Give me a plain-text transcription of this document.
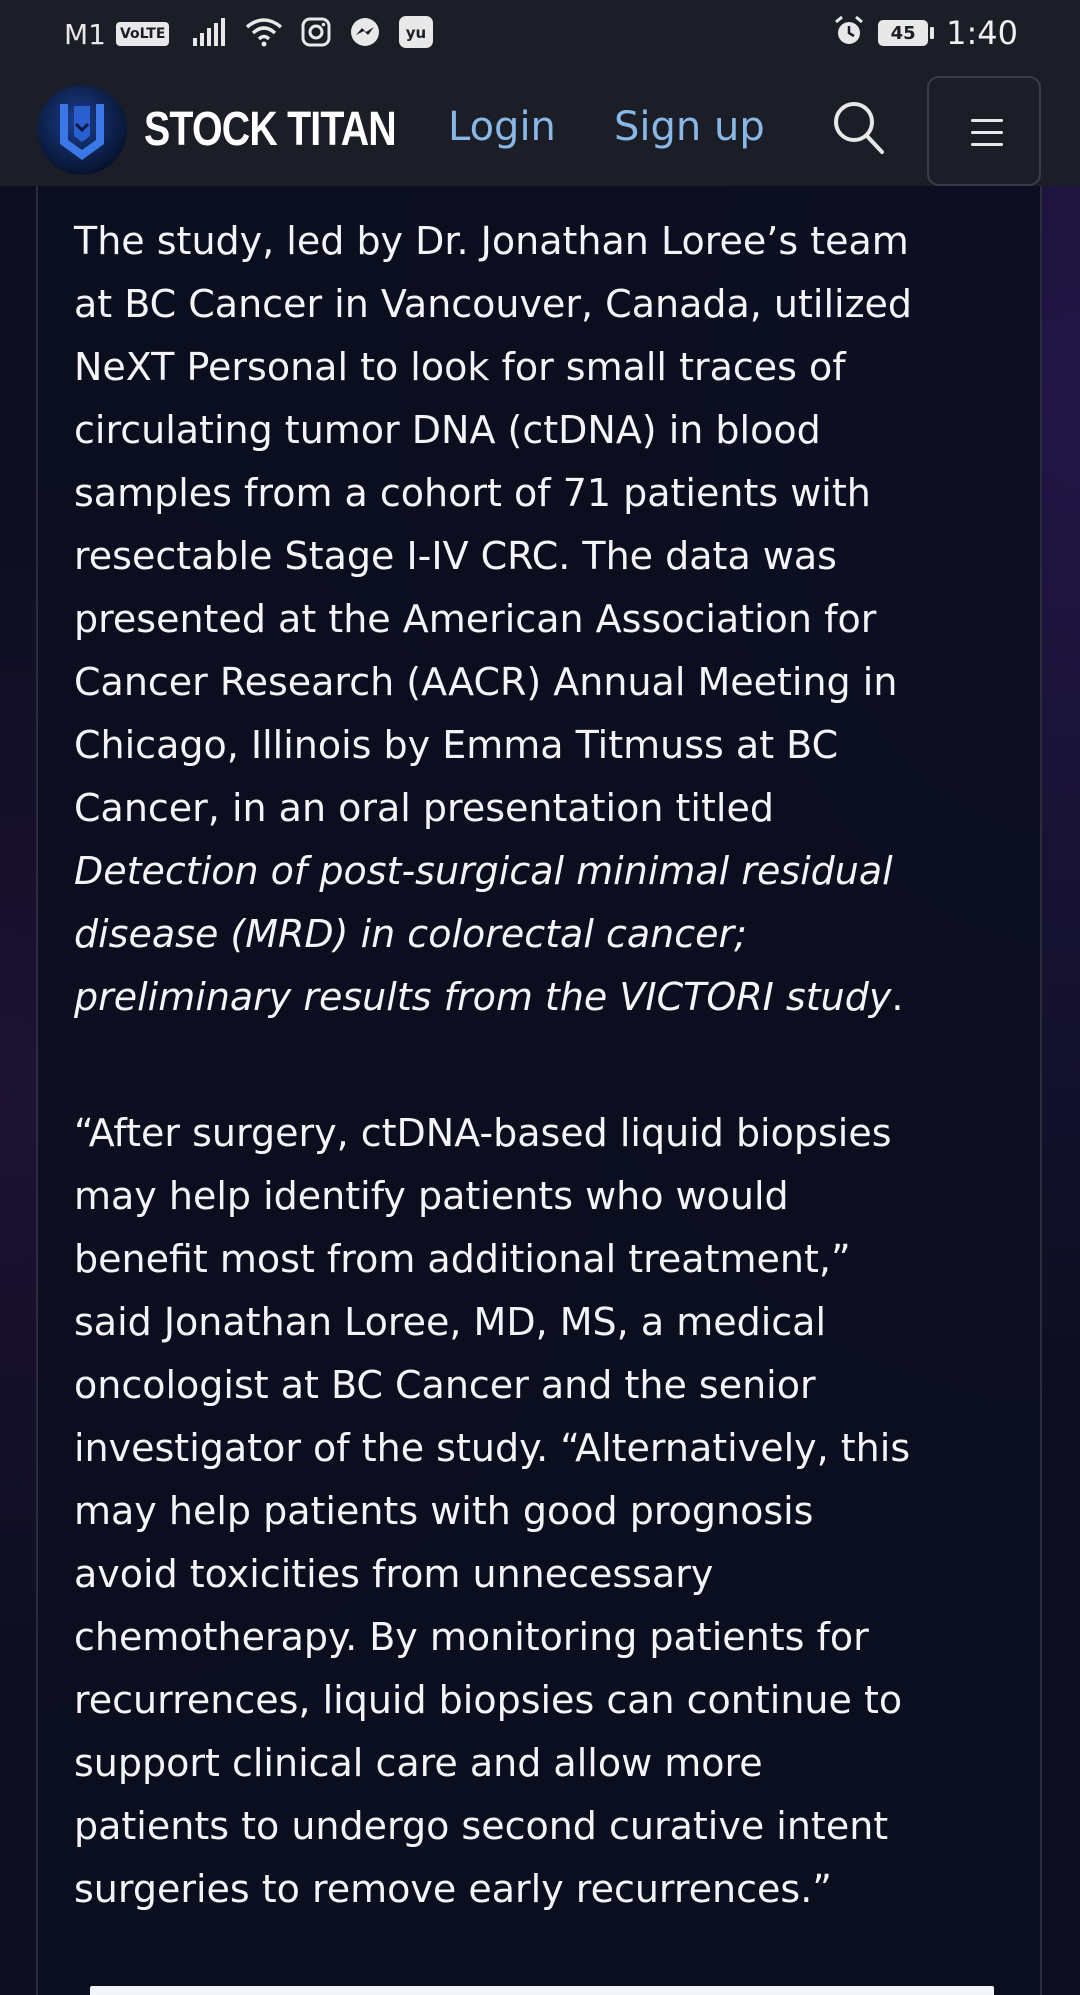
M1 VoLTE	yu	45 1:40
STOCK TITAN Login Sign up

The study, led by Dr. Jonathan Loree’s team
at BC Cancer in Vancouver, Canada, utilized
NeXT Personal to look for small traces of
circulating tumor DNA (ctDNA) in blood
samples from a cohort of 71 patients with
resectable Stage I-IV CRC. The data was
presented at the American Association for
Cancer Research (AACR) Annual Meeting in
Chicago, Illinois by Emma Titmuss at BC
Cancer, in an oral presentation titled
Detection of post-surgical minimal residual
disease (MRD) in colorectal cancer;
preliminary results from the VICTORI study.

“After surgery, ctDNA-based liquid biopsies
may help identify patients who would
benefit most from additional treatment,”
said Jonathan Loree, MD, MS, a medical
oncologist at BC Cancer and the senior
investigator of the study. “Alternatively, this
may help patients with good prognosis
avoid toxicities from unnecessary
chemotherapy. By monitoring patients for
recurrences, liquid biopsies can continue to
support clinical care and allow more
patients to undergo second curative intent
surgeries to remove early recurrences.”
